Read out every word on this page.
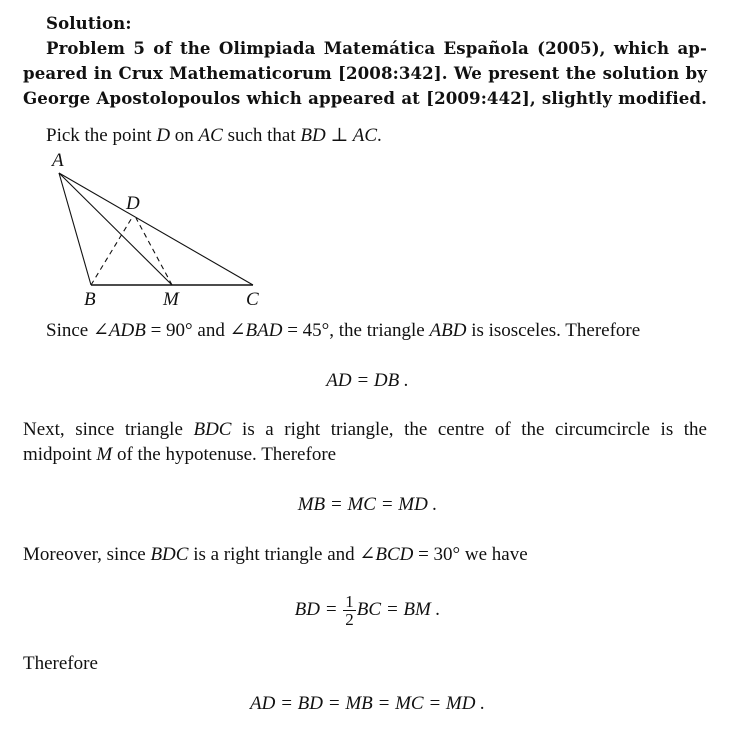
Solution:
Problem 5 of the Olimpiada Matemática Española (2005), which ap-
peared in Crux Mathematicorum [2008:342]. We present the solution by
George Apostolopoulos which appeared at [2009:442], slightly modified.
Pick the point D on AC such that BD ⊥ AC.
A
D
B	M	C
Since ∠ADB = 90° and ∠BAD = 45°, the triangle ABD is isosceles. Therefore
AD = DB .
Next, since triangle BDC is a right triangle, the centre of the circumcircle is the
midpoint M of the hypotenuse. Therefore
MB = MC = MD .
Moreover, since BDC is a right triangle and ∠BCD = 30° we have
BD = $\frac{1}{2}$ BC = BM .
Therefore
AD = BD = MB = MC = MD .
